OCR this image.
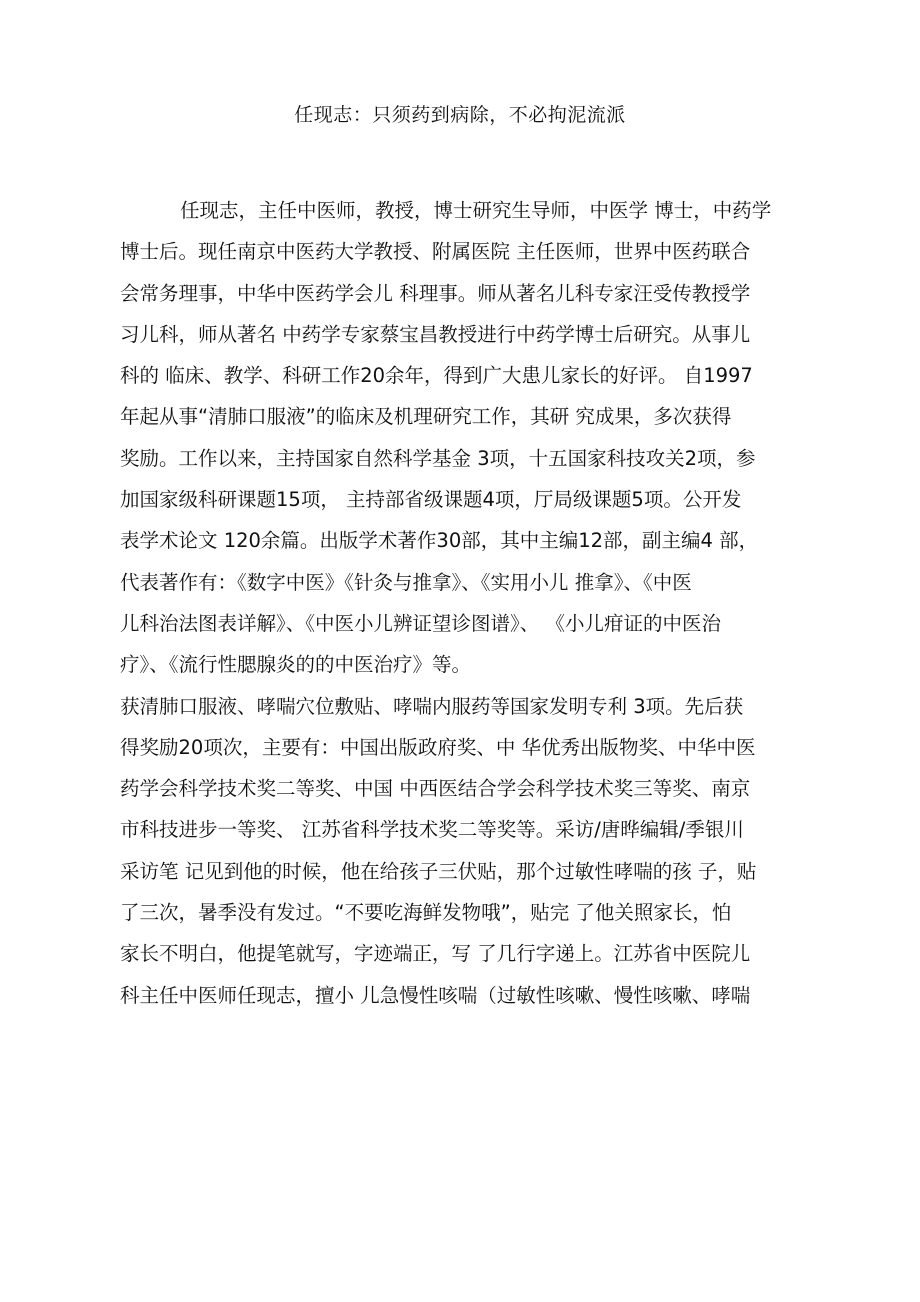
任现志：只须药到病除，不必拘泥流派
任现志，主任中医师，教授，博士研究生导师，中医学 博士，中药学
博士后。现任南京中医药大学教授、附属医院 主任医师，世界中医药联合
会常务理事，中华中医药学会儿 科理事。师从著名儿科专家汪受传教授学
习儿科，师从著名 中药学专家蔡宝昌教授进行中药学博士后研究。从事儿
科的 临床、教学、科研工作20余年，得到广大患儿家长的好评。 自1997
年起从事“清肺口服液”的临床及机理研究工作，其研 究成果，多次获得
奖励。工作以来，主持国家自然科学基金 3项，十五国家科技攻关2项，参
加国家级科研课题15项， 主持部省级课题4项，厅局级课题5项。公开发
表学术论文 120余篇。出版学术著作30部，其中主编12部，副主编4 部，
代表著作有：《数字中医》《针灸与推拿》、《实用小儿 推拿》、《中医
儿科治法图表详解》、《中医小儿辨证望诊图谱》、 《小儿疳证的中医治
疗》、《流行性腮腺炎的的中医治疗》等。
获清肺口服液、哮喘穴位敷贴、哮喘内服药等国家发明专利 3项。先后获
得奖励20项次，主要有：中国出版政府奖、中 华优秀出版物奖、中华中医
药学会科学技术奖二等奖、中国 中西医结合学会科学技术奖三等奖、南京
市科技进步一等奖、 江苏省科学技术奖二等奖等。采访/唐晔编辑/季银川
采访笔 记见到他的时候，他在给孩子三伏贴，那个过敏性哮喘的孩 子，贴
了三次，暑季没有发过。“不要吃海鲜发物哦”，贴完 了他关照家长，怕
家长不明白，他提笔就写，字迹端正，写 了几行字递上。江苏省中医院儿
科主任中医师任现志，擅小 儿急慢性咳喘（过敏性咳嗽、慢性咳嗽、哮喘
